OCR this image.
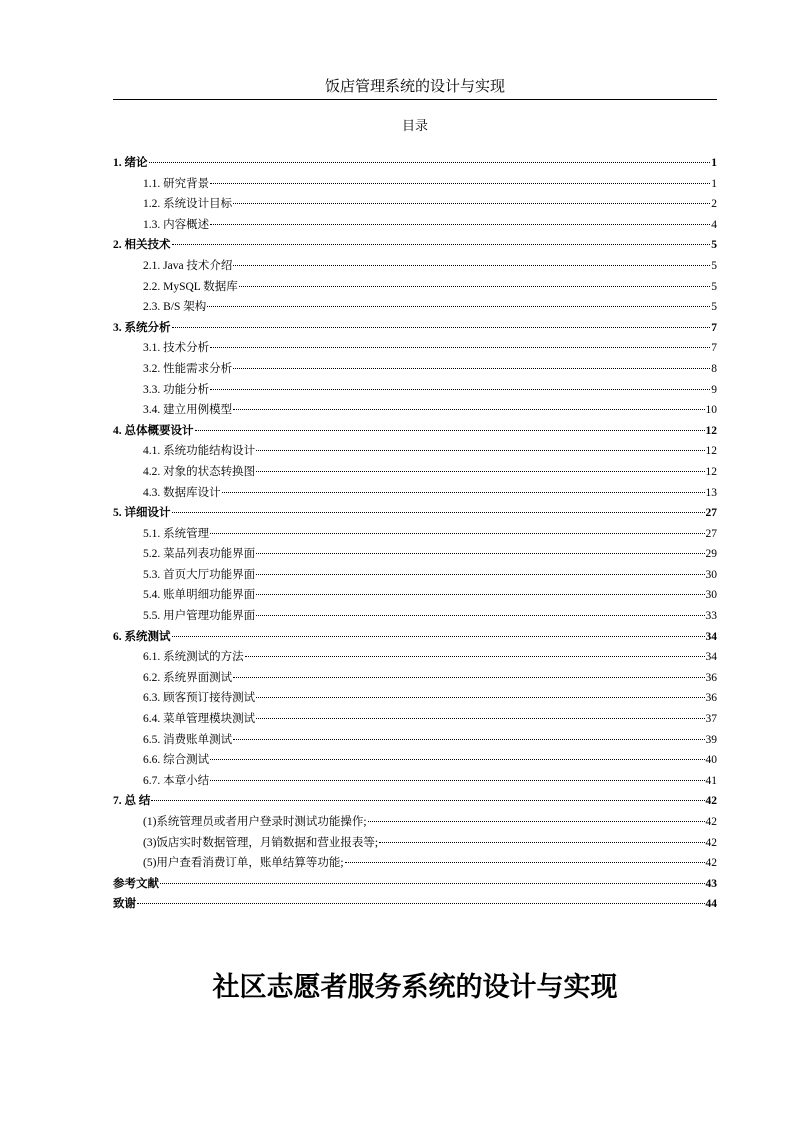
饭店管理系统的设计与实现
目录
1. 绪论	1
1.1. 研究背景	1
1.2. 系统设计目标	2
1.3. 内容概述	4
2. 相关技术	5
2.1. Java 技术介绍	5
2.2. MySQL 数据库	5
2.3. B/S 架构	5
3. 系统分析	7
3.1. 技术分析	7
3.2. 性能需求分析	8
3.3. 功能分析	9
3.4. 建立用例模型	10
4. 总体概要设计	12
4.1. 系统功能结构设计	12
4.2. 对象的状态转换图	12
4.3. 数据库设计	13
5. 详细设计	27
5.1. 系统管理	27
5.2. 菜品列表功能界面	29
5.3. 首页大厅功能界面	30
5.4. 账单明细功能界面	30
5.5. 用户管理功能界面	33
6. 系统测试	34
6.1. 系统测试的方法	34
6.2. 系统界面测试	36
6.3. 顾客预订接待测试	36
6.4. 菜单管理模块测试	37
6.5. 消费账单测试	39
6.6. 综合测试	40
6.7. 本章小结	41
7. 总 结	42
(1)系统管理员或者用户登录时测试功能操作;	42
(3)饭店实时数据管理，月销数据和营业报表等;	42
(5)用户查看消费订单，账单结算等功能;	42
参考文献	43
致谢	44
社区志愿者服务系统的设计与实现
